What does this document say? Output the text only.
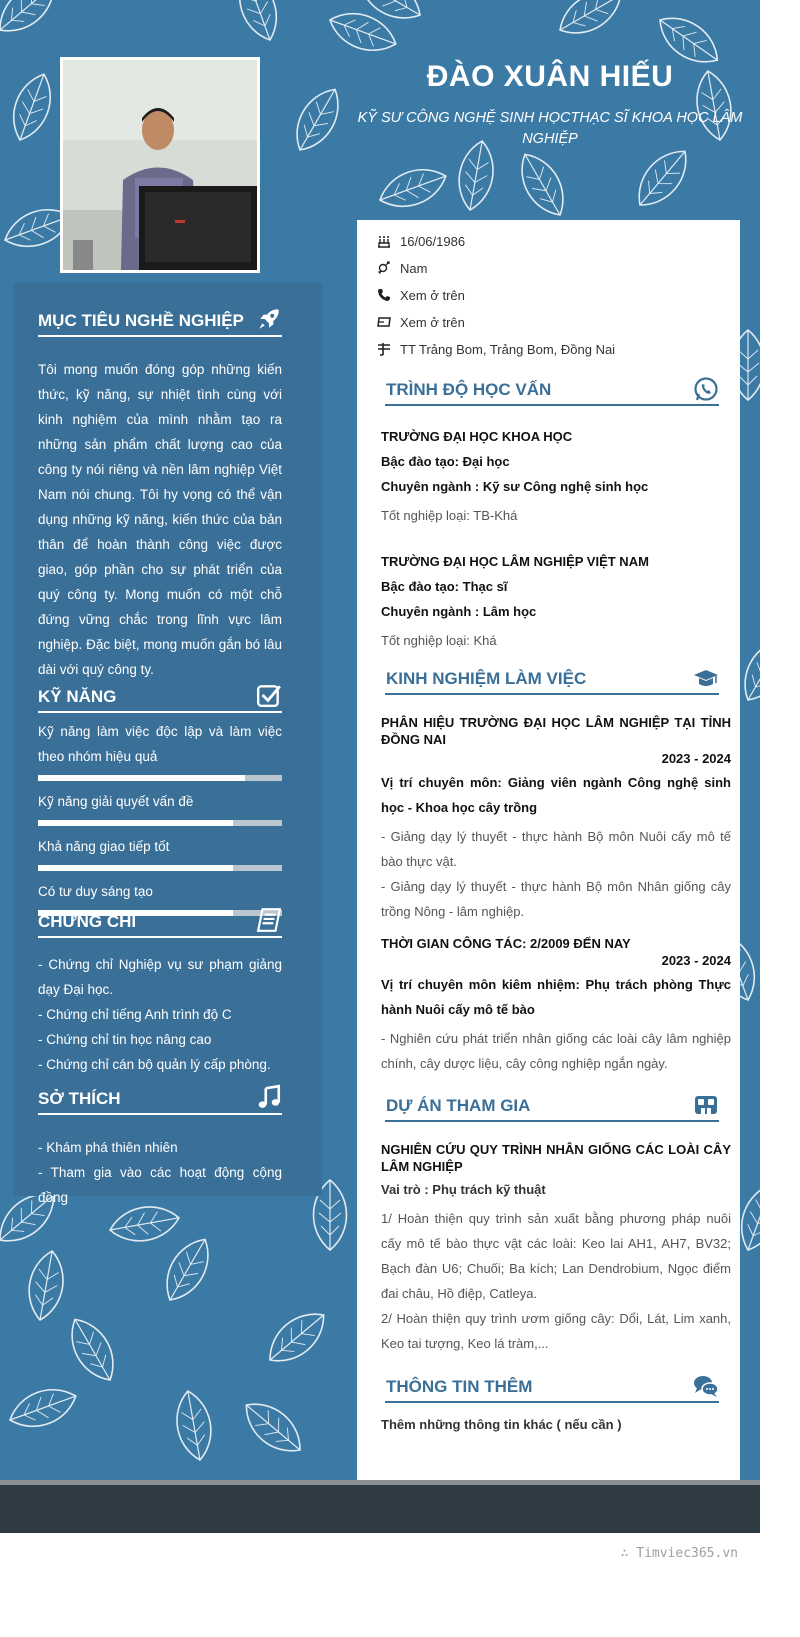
MỤC TIÊU NGHỀ NGHIỆP

Tôi mong muốn đóng góp những kiến thức, kỹ năng, sự nhiệt tình cùng với kinh nghiệm của mình nhằm tạo ra những sản phẩm chất lượng cao của công ty nói riêng và nền lâm nghiệp Việt Nam nói chung. Tôi hy vọng có thể vận dụng những kỹ năng, kiến thức của bản thân để hoàn thành công việc được giao, góp phần cho sự phát triển của quý công ty. Mong muốn có một chỗ đứng vững chắc trong lĩnh vực lâm nghiệp. Đặc biệt, mong muốn gắn bó lâu dài với quý công ty.

KỸ NĂNG

Kỹ năng làm việc độc lập và làm việc theo nhóm hiệu quả

Kỹ năng giải quyết vấn đề

Khả năng giao tiếp tốt

Có tư duy sáng tạo

CHỨNG CHỈ

- Chứng chỉ Nghiệp vụ sư phạm giảng dạy Đại học.

- Chứng chỉ tiếng Anh trình độ C

- Chứng chỉ tin học nâng cao

- Chứng chỉ cán bộ quản lý cấp phòng.

SỞ THÍCH

- Khám phá thiên nhiên

- Tham gia vào các hoạt động cộng đồng

ĐÀO XUÂN HIẾU
KỸ SƯ CÔNG NGHỆ SINH HỌCTHẠC SĨ KHOA HỌC LÂM NGHIỆP
16/06/1986
Nam
Xem ở trên
Xem ở trên
TT Trảng Bom, Trảng Bom, Đồng Nai
TRÌNH ĐỘ HỌC VẤN
TRƯỜNG ĐẠI HỌC KHOA HỌC
Bậc đào tạo: Đại học
Chuyên ngành : Kỹ sư Công nghệ sinh học
Tốt nghiệp loại: TB-Khá
TRƯỜNG ĐẠI HỌC LÂM NGHIỆP VIỆT NAM
Bậc đào tạo: Thạc sĩ
Chuyên ngành : Lâm học
Tốt nghiệp loại: Khá
KINH NGHIỆM LÀM VIỆC
PHÂN HIỆU TRƯỜNG ĐẠI HỌC LÂM NGHIỆP TẠI TỈNH ĐỒNG NAI
2023 - 2024
Vị trí chuyên môn: Giảng viên ngành Công nghệ sinh học - Khoa học cây trồng
- Giảng dạy lý thuyết - thực hành Bộ môn Nuôi cấy mô tế bào thực vật.
- Giảng dạy lý thuyết - thực hành Bộ môn Nhân giống cây trồng Nông - lâm nghiệp.
THỜI GIAN CÔNG TÁC: 2/2009 ĐẾN NAY
2023 - 2024
Vị trí chuyên môn kiêm nhiệm: Phụ trách phòng Thực hành Nuôi cấy mô tế bào
- Nghiên cứu phát triển nhân giống các loài cây lâm nghiệp chính, cây dược liệu, cây công nghiệp ngắn ngày.
DỰ ÁN THAM GIA
NGHIÊN CỨU QUY TRÌNH NHÂN GIỐNG CÁC LOÀI CÂY LÂM NGHIỆP
Vai trò : Phụ trách kỹ thuật
1/ Hoàn thiện quy trình sản xuất bằng phương pháp nuôi cấy mô tế bào thực vật các loài: Keo lai AH1, AH7, BV32; Bạch đàn U6; Chuối; Ba kích; Lan Dendrobium, Ngọc điểm đai châu, Hồ điệp, Catleya.
2/ Hoàn thiện quy trình ươm giống cây: Dổi, Lát, Lim xanh, Keo tai tượng, Keo lá tràm,...
THÔNG TIN THÊM
Thêm những thông tin khác ( nếu cần )
∴ Timviec365.vn
